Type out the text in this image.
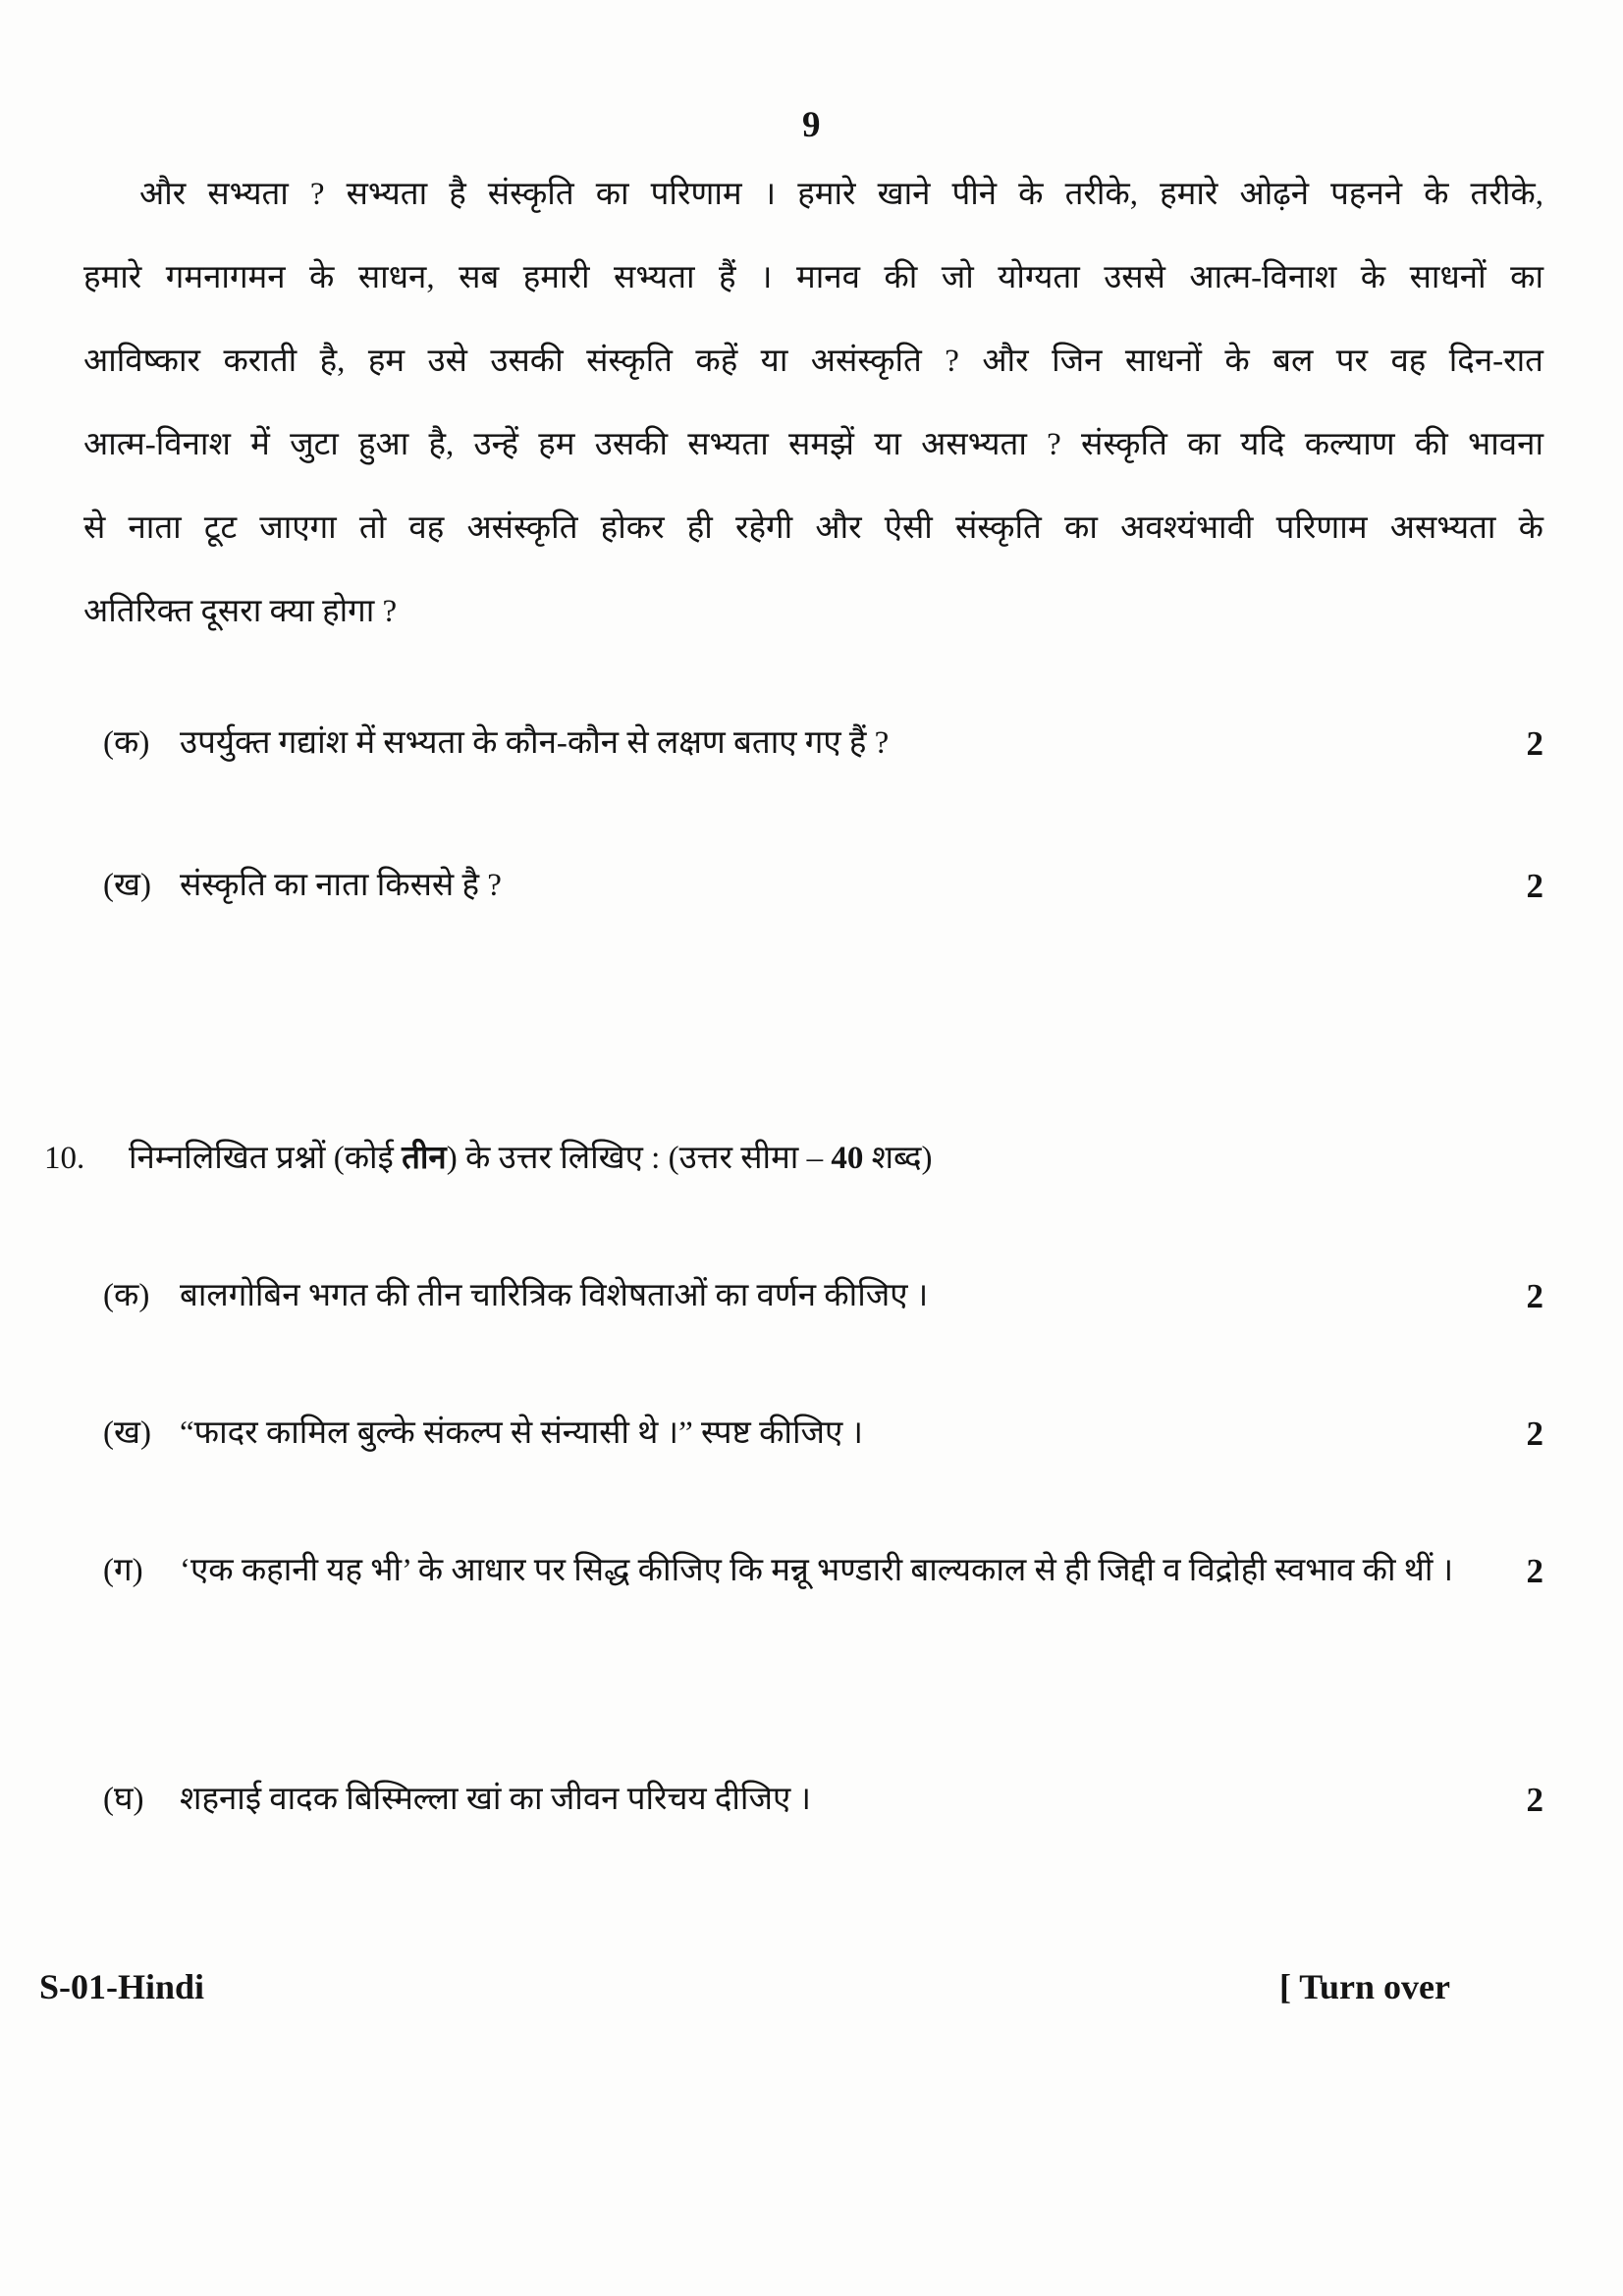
9
और सभ्यता ? सभ्यता है संस्कृति का परिणाम । हमारे खाने पीने के तरीके, हमारे ओढ़ने पहनने के तरीके,
हमारे गमनागमन के साधन, सब हमारी सभ्यता हैं । मानव की जो योग्यता उससे आत्म-विनाश के साधनों का
आविष्कार कराती है, हम उसे उसकी संस्कृति कहें या असंस्कृति ? और जिन साधनों के बल पर वह दिन-रात
आत्म-विनाश में जुटा हुआ है, उन्हें हम उसकी सभ्यता समझें या असभ्यता ? संस्कृति का यदि कल्याण की भावना
से नाता टूट जाएगा तो वह असंस्कृति होकर ही रहेगी और ऐसी संस्कृति का अवश्यंभावी परिणाम असभ्यता के
अतिरिक्त दूसरा क्या होगा ?
(क) उपर्युक्त गद्यांश में सभ्यता के कौन-कौन से लक्षण बताए गए हैं ?	2
(ख) संस्कृति का नाता किससे है ?	2
10.	निम्नलिखित प्रश्नों (कोई तीन) के उत्तर लिखिए : (उत्तर सीमा – 40 शब्द)
(क) बालगोबिन भगत की तीन चारित्रिक विशेषताओं का वर्णन कीजिए ।	2
(ख) “फादर कामिल बुल्के संकल्प से संन्यासी थे ।” स्पष्ट कीजिए ।	2
(ग)	‘एक कहानी यह भी’ के आधार पर सिद्ध कीजिए कि मन्नू भण्डारी बाल्यकाल से ही जिद्दी व विद्रोही स्वभाव की थीं ।	2
(घ)	शहनाई वादक बिस्मिल्ला खां का जीवन परिचय दीजिए ।	2
S-01-Hindi	[ Turn over
